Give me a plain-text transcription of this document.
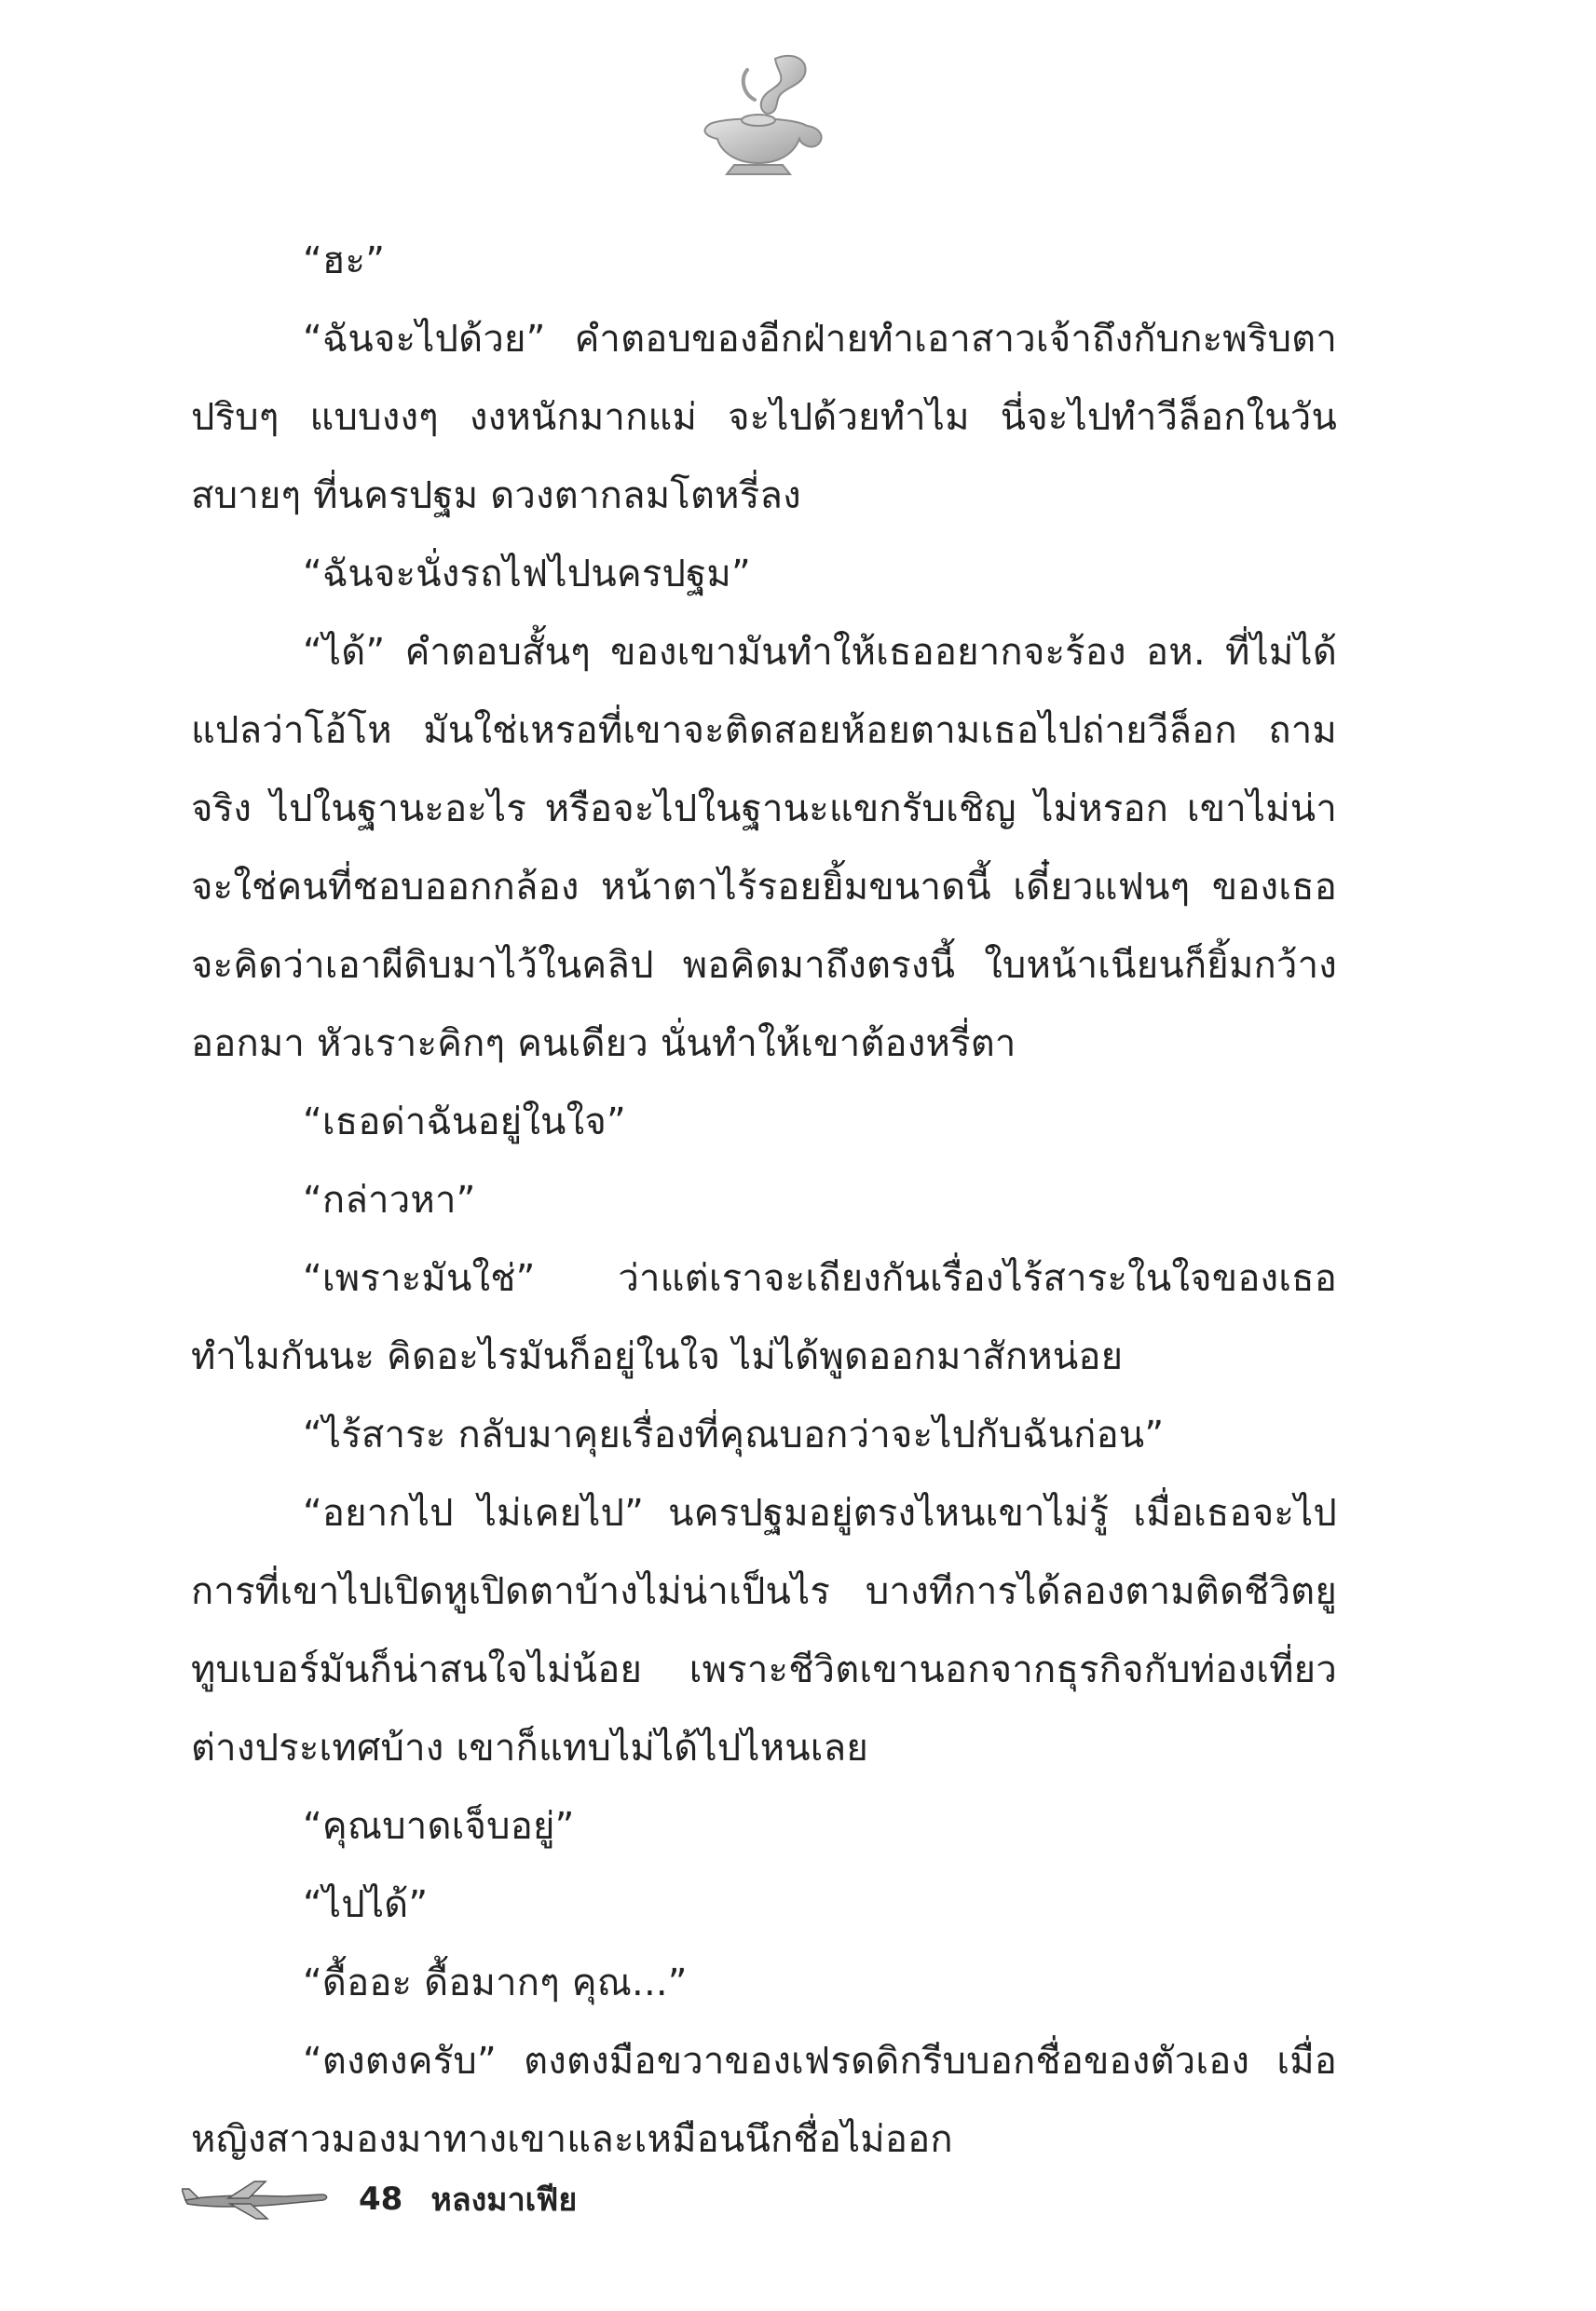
“ฮะ”

“ฉันจะไปด้วย” คำตอบของอีกฝ่ายทำเอาสาวเจ้าถึงกับกะพริบตาปริบๆ แบบงงๆ งงหนักมากแม่ จะไปด้วยทำไม นี่จะไปทำวีล็อกในวันสบายๆ ที่นครปฐม ดวงตากลมโตหรี่ลง

“ฉันจะนั่งรถไฟไปนครปฐม”

“ได้” คำตอบสั้นๆ ของเขามันทำให้เธออยากจะร้อง อห. ที่ไม่ได้แปลว่าโอ้โห มันใช่เหรอที่เขาจะติดสอยห้อยตามเธอไปถ่ายวีล็อก ถามจริง ไปในฐานะอะไร หรือจะไปในฐานะแขกรับเชิญ ไม่หรอก เขาไม่น่าจะใช่คนที่ชอบออกกล้อง หน้าตาไร้รอยยิ้มขนาดนี้ เดี๋ยวแฟนๆ ของเธอจะคิดว่าเอาผีดิบมาไว้ในคลิป พอคิดมาถึงตรงนี้ ใบหน้าเนียนก็ยิ้มกว้างออกมา หัวเราะคิกๆ คนเดียว นั่นทำให้เขาต้องหรี่ตา

“เธอด่าฉันอยู่ในใจ”

“กล่าวหา”

“เพราะมันใช่” ว่าแต่เราจะเถียงกันเรื่องไร้สาระในใจของเธอทำไมกันนะ คิดอะไรมันก็อยู่ในใจ ไม่ได้พูดออกมาสักหน่อย

“ไร้สาระ กลับมาคุยเรื่องที่คุณบอกว่าจะไปกับฉันก่อน”

“อยากไป ไม่เคยไป” นครปฐมอยู่ตรงไหนเขาไม่รู้ เมื่อเธอจะไป การที่เขาไปเปิดหูเปิดตาบ้างไม่น่าเป็นไร บางทีการได้ลองตามติดชีวิตยูทูบเบอร์มันก็น่าสนใจไม่น้อย เพราะชีวิตเขานอกจากธุรกิจกับท่องเที่ยวต่างประเทศบ้าง เขาก็แทบไม่ได้ไปไหนเลย

“คุณบาดเจ็บอยู่”

“ไปได้”

“ดื้ออะ ดื้อมากๆ คุณ...”

“ตงตงครับ” ตงตงมือขวาของเฟรดดิกรีบบอกชื่อของตัวเอง เมื่อหญิงสาวมองมาทางเขาและเหมือนนึกชื่อไม่ออก

48 หลงมาเฟีย
